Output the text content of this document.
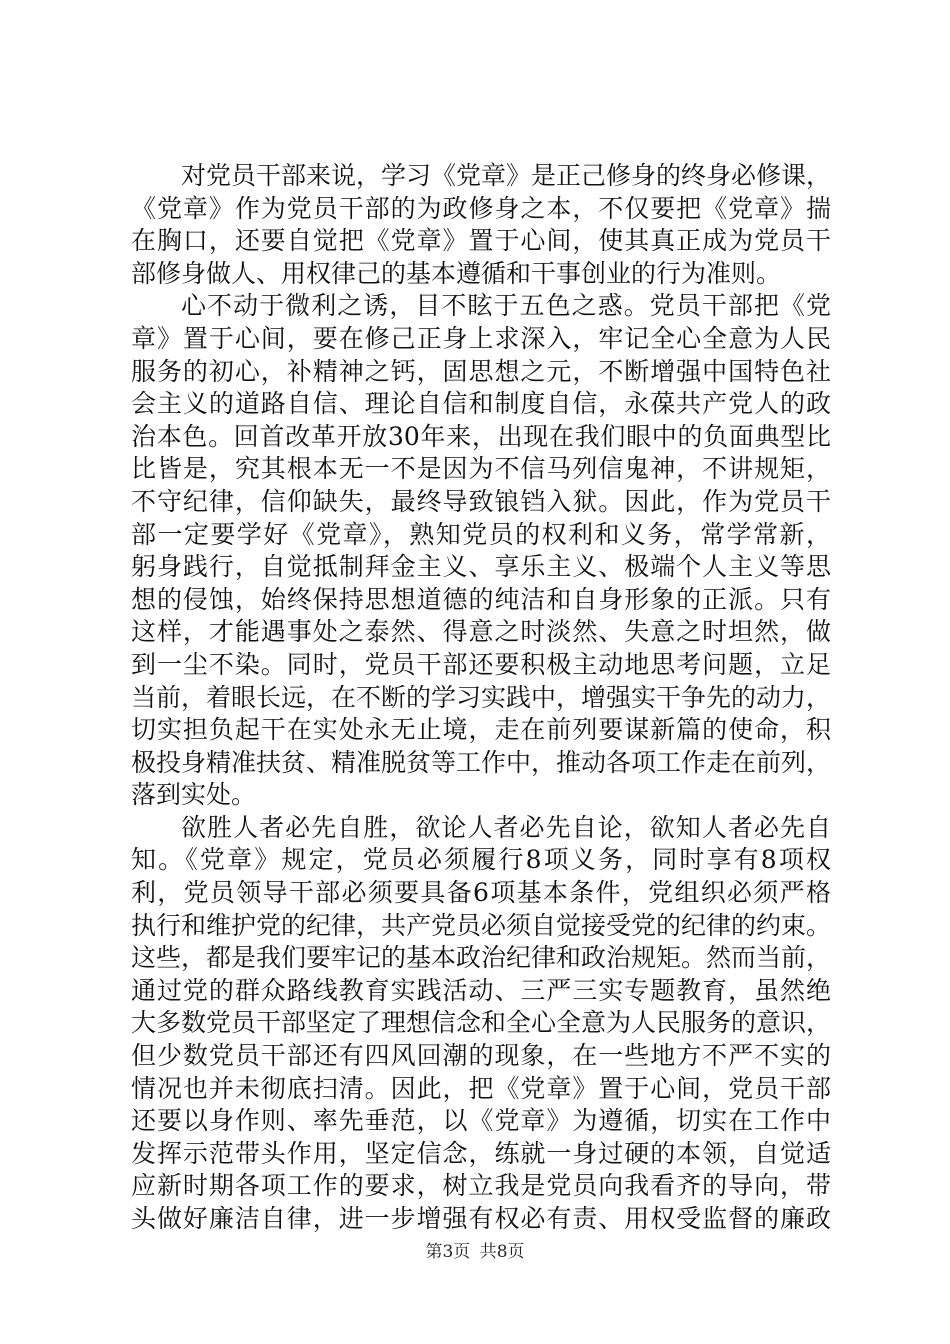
对党员干部来说，学习《党章》是正己修身的终身必修课，
《党章》作为党员干部的为政修身之本，不仅要把《党章》揣
在胸口，还要自觉把《党章》置于心间，使其真正成为党员干
部修身做人、用权律己的基本遵循和干事创业的行为准则。
心不动于微利之诱，目不眩于五色之惑。党员干部把《党
章》置于心间，要在修己正身上求深入，牢记全心全意为人民
服务的初心，补精神之钙，固思想之元，不断增强中国特色社
会主义的道路自信、理论自信和制度自信，永葆共产党人的政
治本色。回首改革开放30年来，出现在我们眼中的负面典型比
比皆是，究其根本无一不是因为不信马列信鬼神，不讲规矩，
不守纪律，信仰缺失，最终导致锒铛入狱。因此，作为党员干
部一定要学好《党章》，熟知党员的权利和义务，常学常新，
躬身践行，自觉抵制拜金主义、享乐主义、极端个人主义等思
想的侵蚀，始终保持思想道德的纯洁和自身形象的正派。只有
这样，才能遇事处之泰然、得意之时淡然、失意之时坦然，做
到一尘不染。同时，党员干部还要积极主动地思考问题，立足
当前，着眼长远，在不断的学习实践中，增强实干争先的动力，
切实担负起干在实处永无止境，走在前列要谋新篇的使命，积
极投身精准扶贫、精准脱贫等工作中，推动各项工作走在前列，
落到实处。
欲胜人者必先自胜，欲论人者必先自论，欲知人者必先自
知。《党章》规定，党员必须履行8项义务，同时享有8项权
利，党员领导干部必须要具备6项基本条件，党组织必须严格
执行和维护党的纪律，共产党员必须自觉接受党的纪律的约束。
这些，都是我们要牢记的基本政治纪律和政治规矩。然而当前，
通过党的群众路线教育实践活动、三严三实专题教育，虽然绝
大多数党员干部坚定了理想信念和全心全意为人民服务的意识，
但少数党员干部还有四风回潮的现象，在一些地方不严不实的
情况也并未彻底扫清。因此，把《党章》置于心间，党员干部
还要以身作则、率先垂范，以《党章》为遵循，切实在工作中
发挥示范带头作用，坚定信念，练就一身过硬的本领，自觉适
应新时期各项工作的要求，树立我是党员向我看齐的导向，带
头做好廉洁自律，进一步增强有权必有责、用权受监督的廉政
第3页 共8页
